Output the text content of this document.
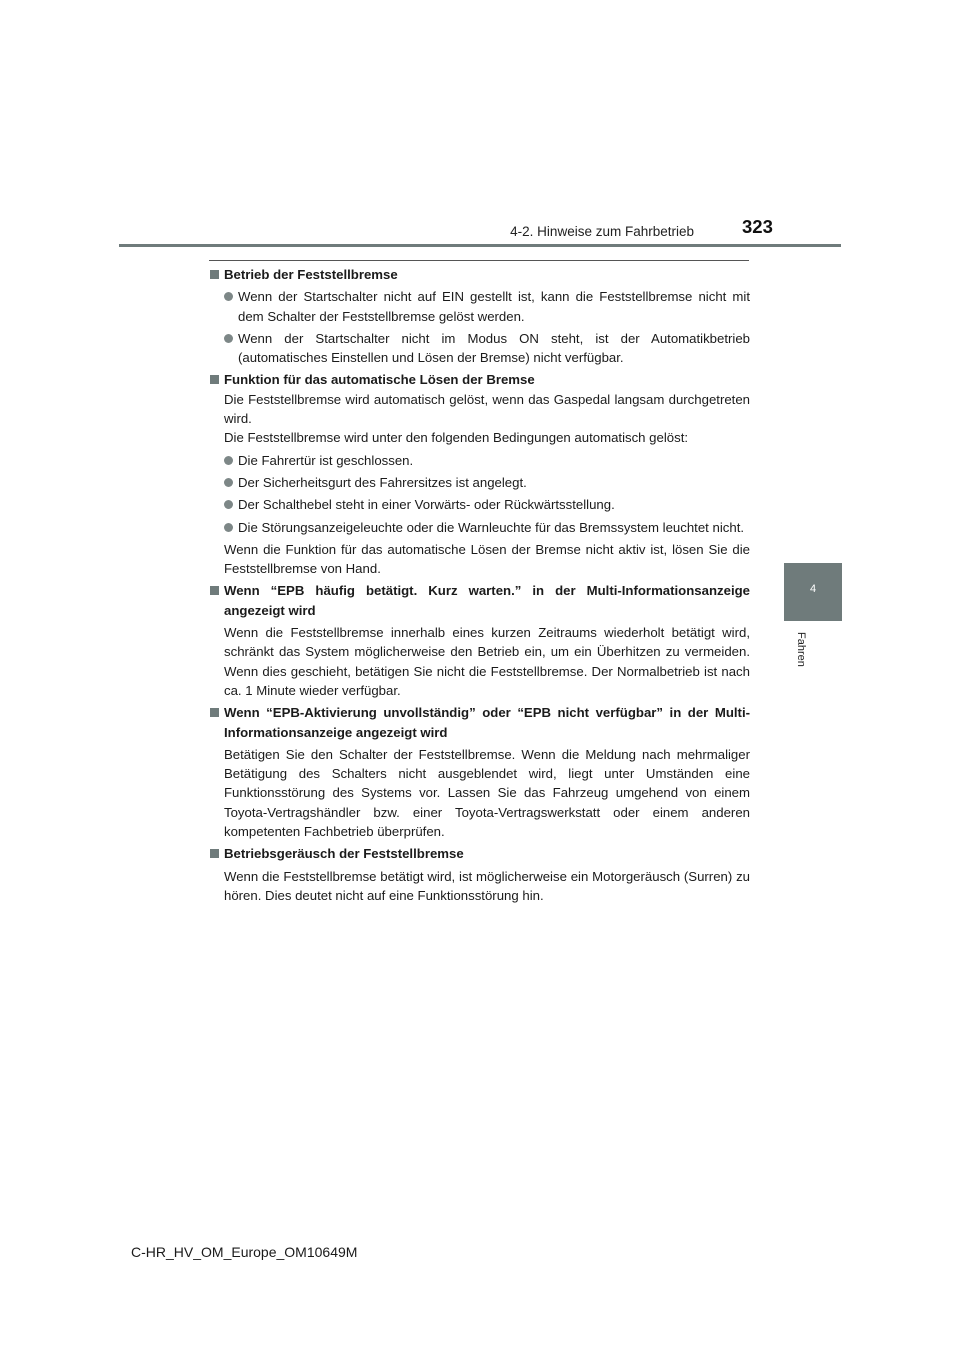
4-2. Hinweise zum Fahrbetrieb	323
4
Fahren
Betrieb der Feststellbremse
Wenn der Startschalter nicht auf EIN gestellt ist, kann die Feststellbremse nicht mit dem Schalter der Feststellbremse gelöst werden.
Wenn der Startschalter nicht im Modus ON steht, ist der Automatikbetrieb (automatisches Einstellen und Lösen der Bremse) nicht verfügbar.
Funktion für das automatische Lösen der Bremse
Die Feststellbremse wird automatisch gelöst, wenn das Gaspedal langsam durchgetreten wird.
Die Feststellbremse wird unter den folgenden Bedingungen automatisch gelöst:
Die Fahrertür ist geschlossen.
Der Sicherheitsgurt des Fahrersitzes ist angelegt.
Der Schalthebel steht in einer Vorwärts- oder Rückwärtsstellung.
Die Störungsanzeigeleuchte oder die Warnleuchte für das Bremssystem leuchtet nicht.
Wenn die Funktion für das automatische Lösen der Bremse nicht aktiv ist, lösen Sie die Feststellbremse von Hand.
Wenn “EPB häufig betätigt. Kurz warten.” in der Multi-Informationsanzeige angezeigt wird
Wenn die Feststellbremse innerhalb eines kurzen Zeitraums wiederholt betätigt wird, schränkt das System möglicherweise den Betrieb ein, um ein Überhitzen zu vermeiden. Wenn dies geschieht, betätigen Sie nicht die Feststellbremse. Der Normalbetrieb ist nach ca. 1 Minute wieder verfügbar.
Wenn “EPB-Aktivierung unvollständig” oder “EPB nicht verfügbar” in der Multi-Informationsanzeige angezeigt wird
Betätigen Sie den Schalter der Feststellbremse. Wenn die Meldung nach mehrmaliger Betätigung des Schalters nicht ausgeblendet wird, liegt unter Umständen eine Funktionsstörung des Systems vor. Lassen Sie das Fahrzeug umgehend von einem Toyota-Vertragshändler bzw. einer Toyota-Vertragswerkstatt oder einem anderen kompetenten Fachbetrieb überprüfen.
Betriebsgeräusch der Feststellbremse
Wenn die Feststellbremse betätigt wird, ist möglicherweise ein Motorgeräusch (Surren) zu hören. Dies deutet nicht auf eine Funktionsstörung hin.
C-HR_HV_OM_Europe_OM10649M
